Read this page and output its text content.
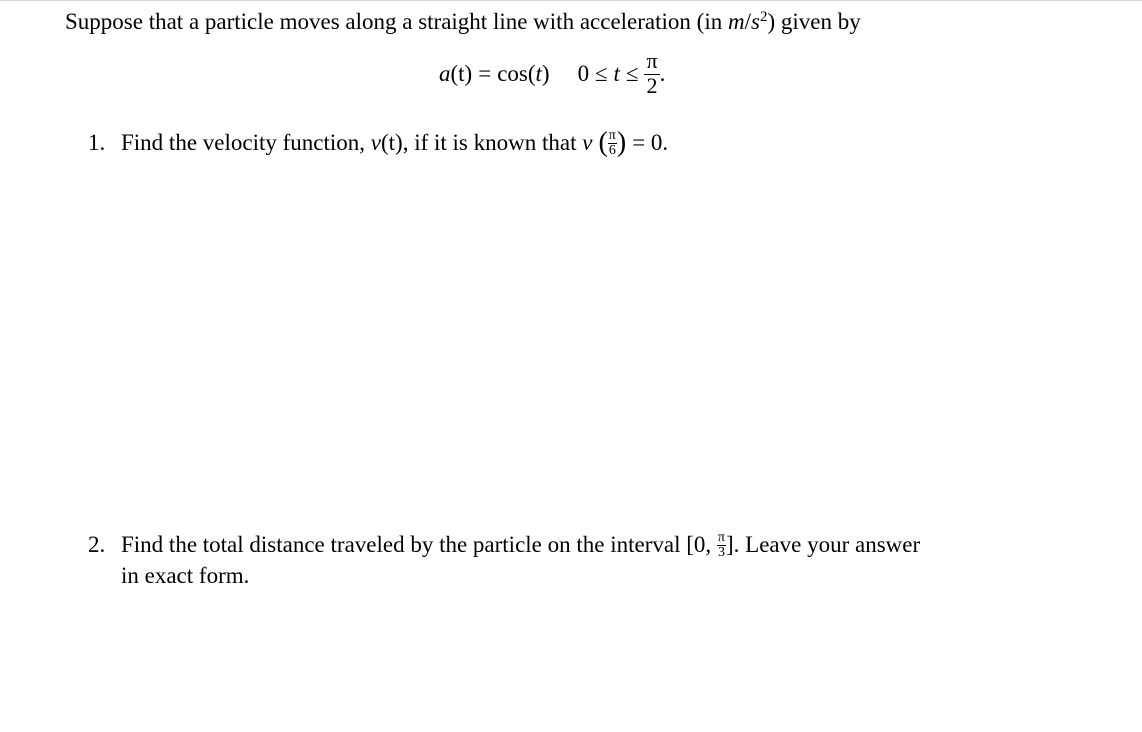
Suppose that a particle moves along a straight line with acceleration (in $m/s^2$) given by
a(t) = cos(t) $0 \le t \le \frac{\pi}{2}$ .
1. Find the velocity function, v(t), if it is known that v ( $\frac{\pi}{6}$ ) = 0.
2. Find the total distance traveled by the particle on the interval [0, $\frac{\pi}{3}$ ]. Leave your answer
in exact form.
